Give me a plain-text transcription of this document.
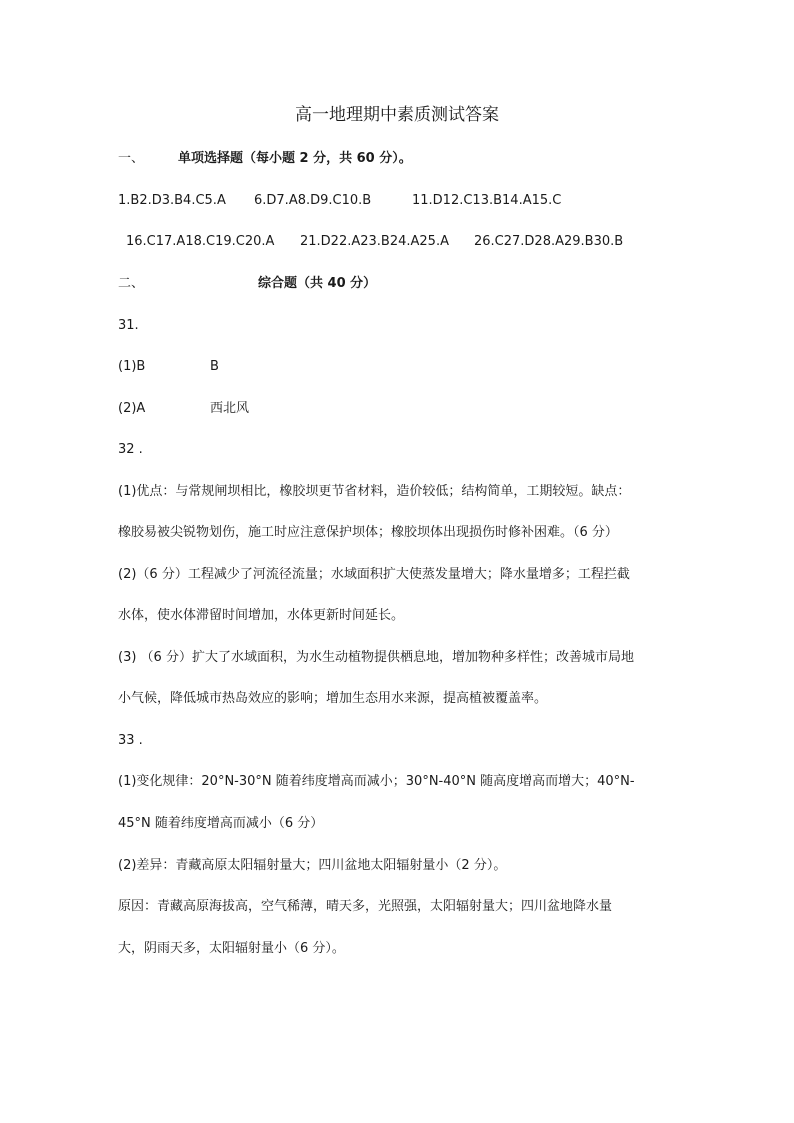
高一地理期中素质测试答案
一、	单项选择题（每小题 2 分，共 60 分）。
1.B2.D3.B4.C5.A 6.D7.A8.D9.C10.B	11.D12.C13.B14.A15.C
16.C17.A18.C19.C20.A 21.D22.A23.B24.A25.A 26.C27.D28.A29.B30.B
二、	综合题（共 40 分）
31.
(1)B	B
(2)A	西北风
32 .
(1)优点：与常规闸坝相比，橡胶坝更节省材料，造价较低；结构简单，工期较短。缺点：
橡胶易被尖锐物划伤，施工时应注意保护坝体；橡胶坝体出现损伤时修补困难。（6 分）
(2)（6 分）工程减少了河流径流量；水域面积扩大使蒸发量增大；降水量增多；工程拦截
水体，使水体滞留时间增加，水体更新时间延长。
(3) （6 分）扩大了水域面积，为水生动植物提供栖息地，增加物种多样性；改善城市局地
小气候，降低城市热岛效应的影响；增加生态用水来源，提高植被覆盖率。
33 .
(1)变化规律：20°N-30°N 随着纬度增高而减小；30°N-40°N 随高度增高而增大；40°N-
45°N 随着纬度增高而减小（6 分）
(2)差异：青藏高原太阳辐射量大；四川盆地太阳辐射量小（2 分）。
原因：青藏高原海拔高，空气稀薄，晴天多，光照强，太阳辐射量大；四川盆地降水量
大，阴雨天多，太阳辐射量小（6 分）。
